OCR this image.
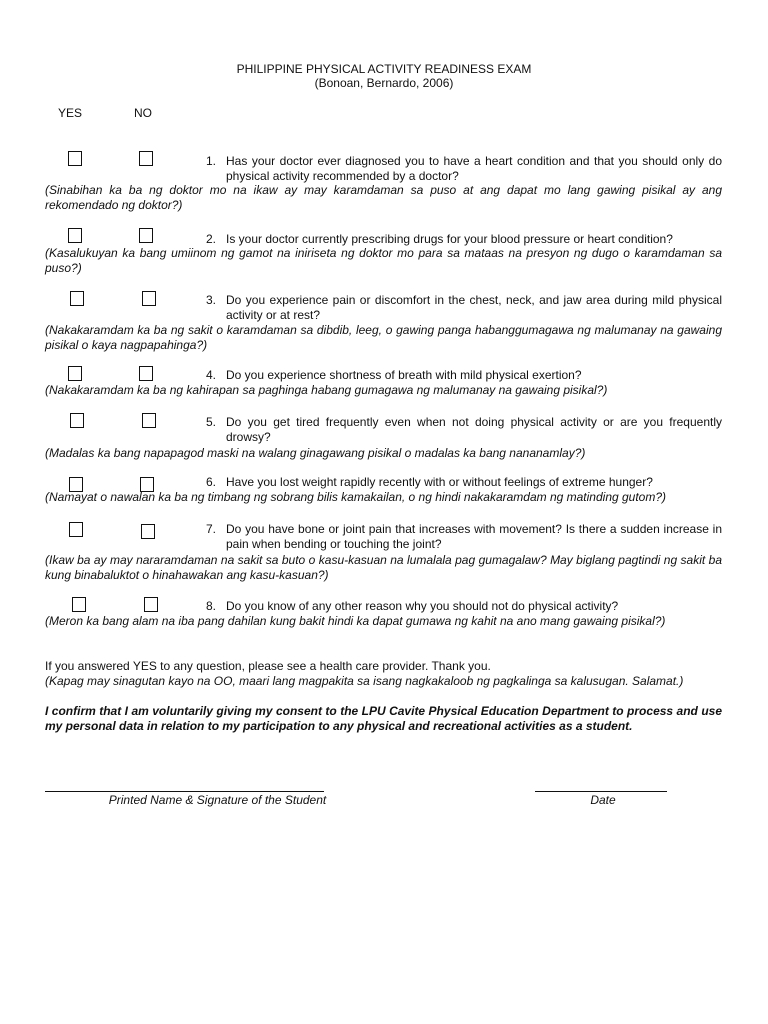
PHILIPPINE PHYSICAL ACTIVITY READINESS EXAM
(Bonoan, Bernardo, 2006)
YES	NO
1. Has your doctor ever diagnosed you to have a heart condition and that you should only do physical activity recommended by a doctor?
(Sinabihan ka ba ng doktor mo na ikaw ay may karamdaman sa puso at ang dapat mo lang gawing pisikal ay ang rekomendado ng doktor?)
2. Is your doctor currently prescribing drugs for your blood pressure or heart condition?
(Kasalukuyan ka bang umiinom ng gamot na iniriseta ng doktor mo para sa mataas na presyon ng dugo o karamdaman sa puso?)
3. Do you experience pain or discomfort in the chest, neck, and jaw area during mild physical activity or at rest?
(Nakakaramdam ka ba ng sakit o karamdaman sa dibdib, leeg, o gawing panga habanggumagawa ng malumanay na gawaing pisikal o kaya nagpapahinga?)
4. Do you experience shortness of breath with mild physical exertion?
(Nakakaramdam ka ba ng kahirapan sa paghinga habang gumagawa ng malumanay na gawaing pisikal?)
5. Do you get tired frequently even when not doing physical activity or are you frequently drowsy?
(Madalas ka bang napapagod maski na walang ginagawang pisikal o madalas ka bang nananamlay?)
6. Have you lost weight rapidly recently with or without feelings of extreme hunger?
(Namayat o nawalan ka ba ng timbang ng sobrang bilis kamakailan, o ng hindi nakakaramdam ng matinding gutom?)
7. Do you have bone or joint pain that increases with movement? Is there a sudden increase in pain when bending or touching the joint?
(Ikaw ba ay may nararamdaman na sakit sa buto o kasu-kasuan na lumalala pag gumagalaw? May biglang pagtindi ng sakit ba kung binabaluktot o hinahawakan ang kasu-kasuan?)
8. Do you know of any other reason why you should not do physical activity?
(Meron ka bang alam na iba pang dahilan kung bakit hindi ka dapat gumawa ng kahit na ano mang gawaing pisikal?)
If you answered YES to any question, please see a health care provider. Thank you.
(Kapag may sinagutan kayo na OO, maari lang magpakita sa isang nagkakaloob ng pagkalinga sa kalusugan. Salamat.)
I confirm that I am voluntarily giving my consent to the LPU Cavite Physical Education Department to process and use my personal data in relation to my participation to any physical and recreational activities as a student.
Printed Name & Signature of the Student	Date
